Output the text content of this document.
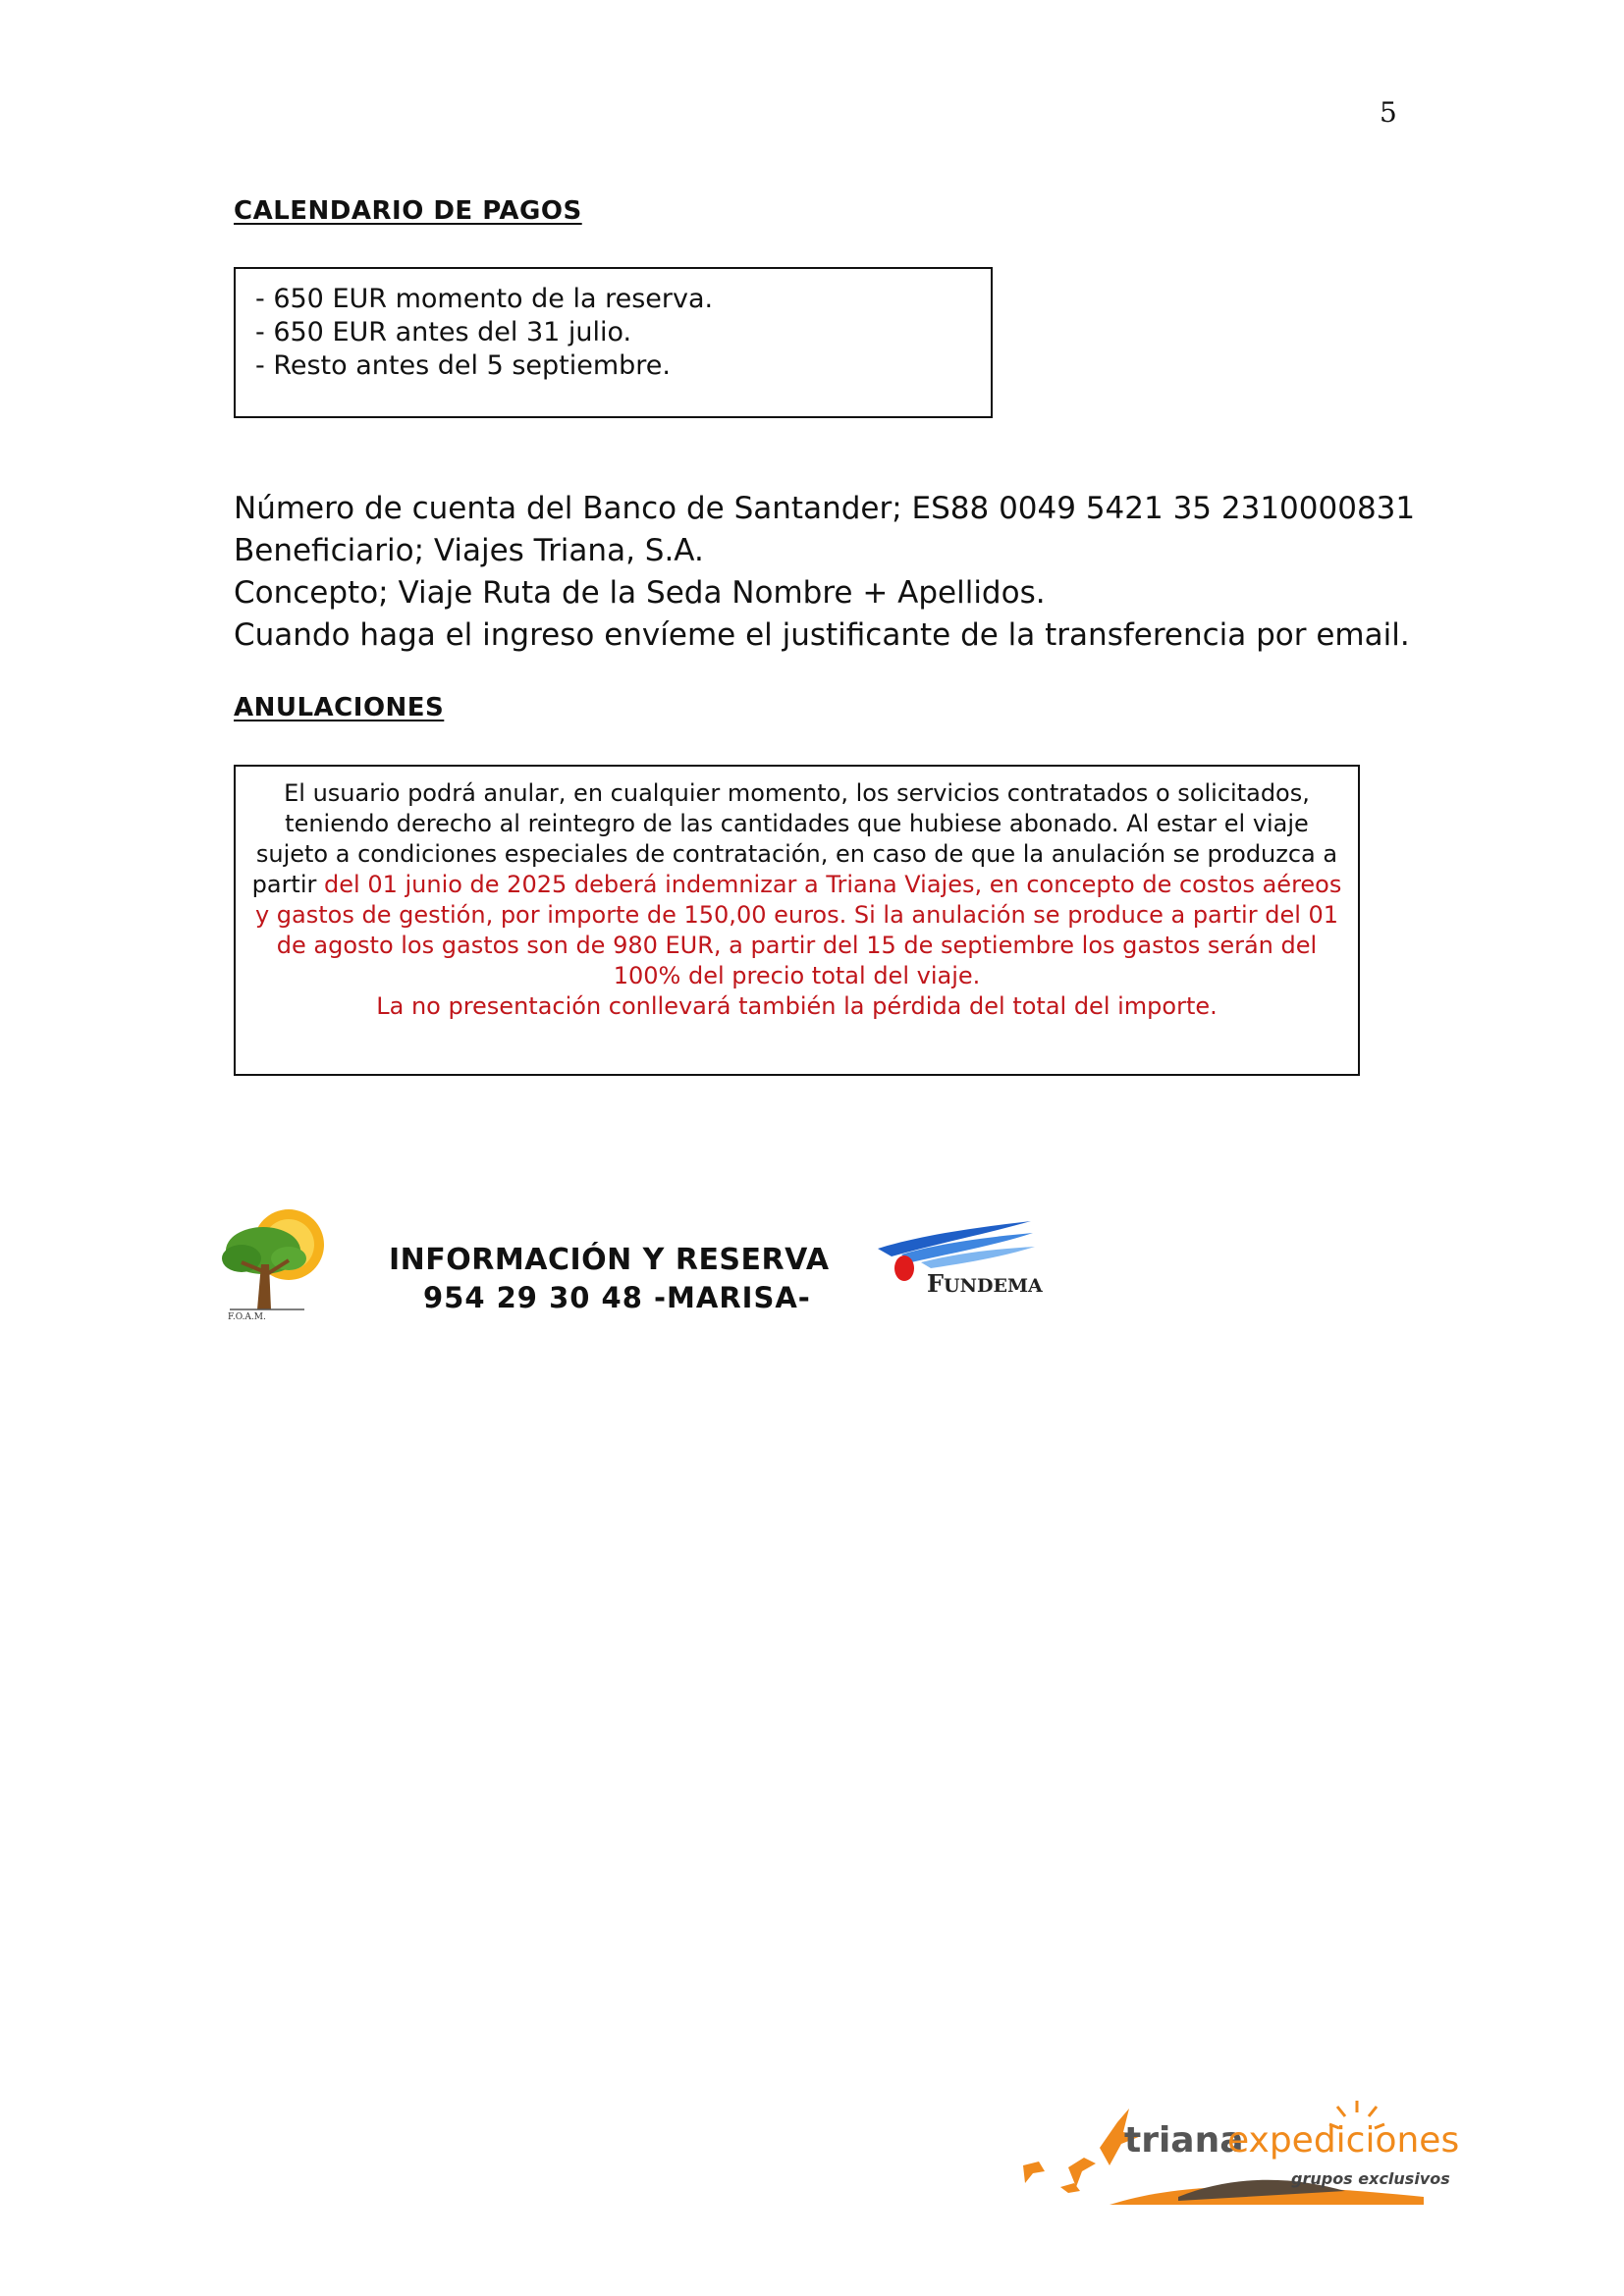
5
CALENDARIO DE PAGOS
- 650 EUR momento de la reserva.
- 650 EUR antes del 31 julio.
- Resto antes del 5 septiembre.
Número de cuenta del Banco de Santander; ES88 0049 5421 35 2310000831
Beneficiario; Viajes Triana, S.A.
Concepto; Viaje Ruta de la Seda Nombre + Apellidos.
Cuando haga el ingreso envíeme el justificante de la transferencia por email.
ANULACIONES
El usuario podrá anular, en cualquier momento, los servicios contratados o solicitados, teniendo derecho al reintegro de las cantidades que hubiese abonado. Al estar el viaje sujeto a condiciones especiales de contratación, en caso de que la anulación se produzca a partir del 01 junio de 2025 deberá indemnizar a Triana Viajes, en concepto de costos aéreos y gastos de gestión, por importe de 150,00 euros. Si la anulación se produce a partir del 01 de agosto los gastos son de 980 EUR, a partir del 15 de septiembre los gastos serán del 100% del precio total del viaje.
La no presentación conllevará también la pérdida del total del importe.
F.O.A.M.
INFORMACIÓN Y RESERVA
954 29 30 48 -MARISA-	FUNDEMA
triana
expediciones
grupos exclusivos
